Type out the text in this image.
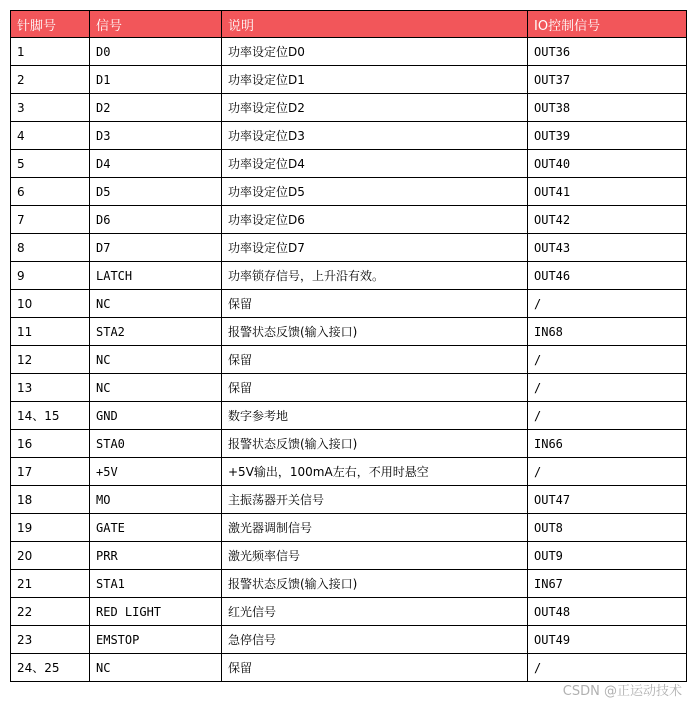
针脚号	信号	说明	IO控制信号
1	D0	功率设定位D0	OUT36
2	D1	功率设定位D1	OUT37
3	D2	功率设定位D2	OUT38
4	D3	功率设定位D3	OUT39
5	D4	功率设定位D4	OUT40
6	D5	功率设定位D5	OUT41
7	D6	功率设定位D6	OUT42
8	D7	功率设定位D7	OUT43
9	LATCH	功率锁存信号，上升沿有效。	OUT46
10	NC	保留	/
11	STA2	报警状态反馈(输入接口)	IN68
12	NC	保留	/
13	NC	保留	/
14、15	GND	数字参考地	/
16	STA0	报警状态反馈(输入接口)	IN66
17	+5V	+5V输出，100mA左右，不用时悬空	/
18	MO	主振荡器开关信号	OUT47
19	GATE	激光器调制信号	OUT8
20	PRR	激光频率信号	OUT9
21	STA1	报警状态反馈(输入接口)	IN67
22	RED LIGHT	红光信号	OUT48
23	EMSTOP	急停信号	OUT49
24、25	NC	保留	/
CSDN @正运动技术
